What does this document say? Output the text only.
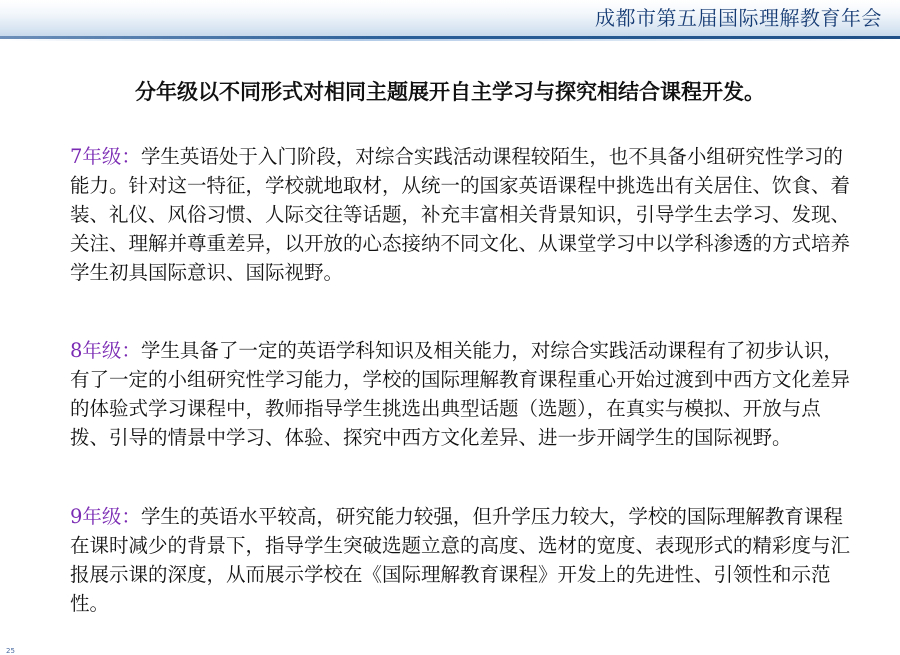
成都市第五届国际理解教育年会
分年级以不同形式对相同主题展开自主学习与探究相结合课程开发。
7年级：学生英语处于入门阶段，对综合实践活动课程较陌生，也不具备小组研究性学习的能力。针对这一特征，学校就地取材，从统一的国家英语课程中挑选出有关居住、饮食、着装、礼仪、风俗习惯、人际交往等话题，补充丰富相关背景知识，引导学生去学习、发现、关注、理解并尊重差异，以开放的心态接纳不同文化、从课堂学习中以学科渗透的方式培养学生初具国际意识、国际视野。
8年级：学生具备了一定的英语学科知识及相关能力，对综合实践活动课程有了初步认识，有了一定的小组研究性学习能力，学校的国际理解教育课程重心开始过渡到中西方文化差异的体验式学习课程中，教师指导学生挑选出典型话题（选题），在真实与模拟、开放与点拨、引导的情景中学习、体验、探究中西方文化差异、进一步开阔学生的国际视野。
9年级：学生的英语水平较高，研究能力较强，但升学压力较大，学校的国际理解教育课程在课时减少的背景下，指导学生突破选题立意的高度、选材的宽度、表现形式的精彩度与汇报展示课的深度，从而展示学校在《国际理解教育课程》开发上的先进性、引领性和示范性。
25
